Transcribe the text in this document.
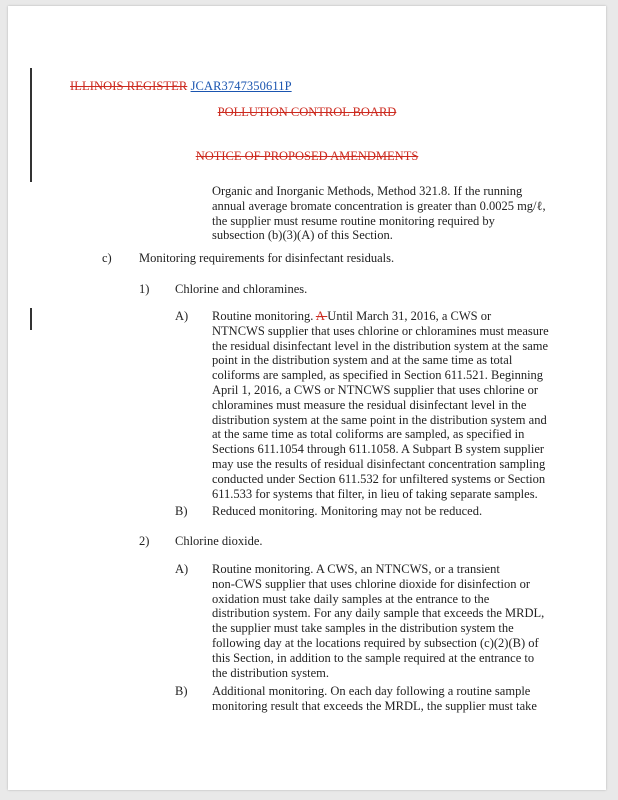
ILLINOIS REGISTER JCAR3747350611P
POLLUTION CONTROL BOARD
NOTICE OF PROPOSED AMENDMENTS

Organic and Inorganic Methods, Method 321.8. If the running

annual average bromate concentration is greater than 0.0025 mg/ℓ,

the supplier must resume routine monitoring required by

subsection (b)(3)(A) of this Section.

c) Monitoring requirements for disinfectant residuals.
1) Chlorine and chloramines.
A) Routine monitoring. A Until March 31, 2016, a CWS or

NTNCWS supplier that uses chlorine or chloramines must measure

the residual disinfectant level in the distribution system at the same

point in the distribution system and at the same time as total

coliforms are sampled, as specified in Section 611.521. Beginning

April 1, 2016, a CWS or NTNCWS supplier that uses chlorine or

chloramines must measure the residual disinfectant level in the

distribution system at the same point in the distribution system and

at the same time as total coliforms are sampled, as specified in

Sections 611.1054 through 611.1058. A Subpart B system supplier

may use the results of residual disinfectant concentration sampling

conducted under Section 611.532 for unfiltered systems or Section

611.533 for systems that filter, in lieu of taking separate samples.

B) Reduced monitoring. Monitoring may not be reduced.
2) Chlorine dioxide.
A) Routine monitoring. A CWS, an NTNCWS, or a transient

non-CWS supplier that uses chlorine dioxide for disinfection or

oxidation must take daily samples at the entrance to the

distribution system. For any daily sample that exceeds the MRDL,

the supplier must take samples in the distribution system the

following day at the locations required by subsection (c)(2)(B) of

this Section, in addition to the sample required at the entrance to

the distribution system.

B) Additional monitoring. On each day following a routine sample

monitoring result that exceeds the MRDL, the supplier must take
